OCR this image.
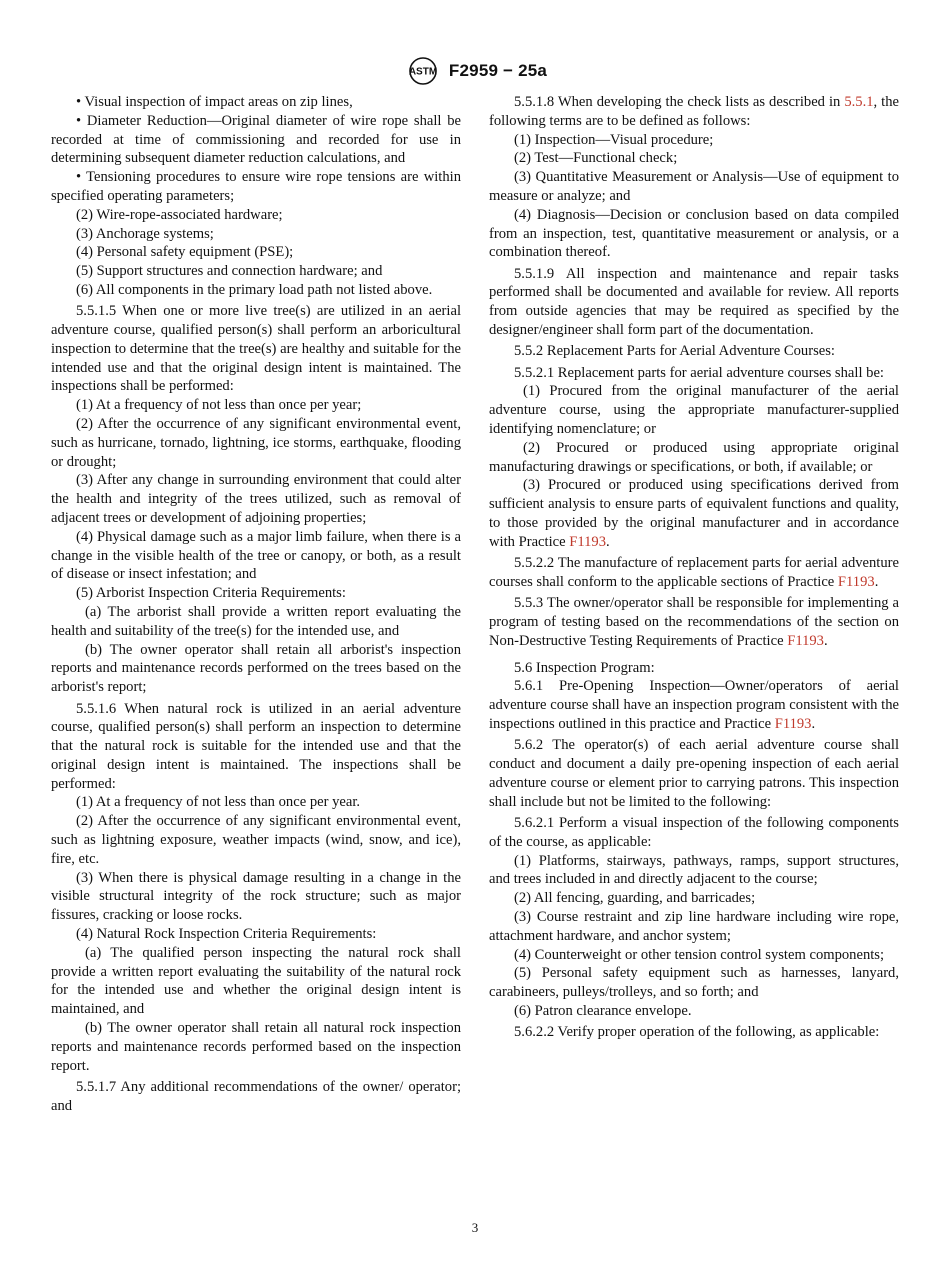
ASTM F2959 − 25a

• Visual inspection of impact areas on zip lines,

• Diameter Reduction—Original diameter of wire rope shall be recorded at time of commissioning and recorded for use in determining subsequent diameter reduction calculations, and

• Tensioning procedures to ensure wire rope tensions are within specified operating parameters;

(2) Wire-rope-associated hardware;

(3) Anchorage systems;

(4) Personal safety equipment (PSE);

(5) Support structures and connection hardware; and

(6) All components in the primary load path not listed above.

5.5.1.5 When one or more live tree(s) are utilized in an aerial adventure course, qualified person(s) shall perform an arboricultural inspection to determine that the tree(s) are healthy and suitable for the intended use and that the original design intent is maintained. The inspections shall be performed:

(1) At a frequency of not less than once per year;

(2) After the occurrence of any significant environmental event, such as hurricane, tornado, lightning, ice storms, earthquake, flooding or drought;

(3) After any change in surrounding environment that could alter the health and integrity of the trees utilized, such as removal of adjacent trees or development of adjoining properties;

(4) Physical damage such as a major limb failure, when there is a change in the visible health of the tree or canopy, or both, as a result of disease or insect infestation; and

(5) Arborist Inspection Criteria Requirements:

(a) The arborist shall provide a written report evaluating the health and suitability of the tree(s) for the intended use, and

(b) The owner operator shall retain all arborist's inspection reports and maintenance records performed on the trees based on the arborist's report;

5.5.1.6 When natural rock is utilized in an aerial adventure course, qualified person(s) shall perform an inspection to determine that the natural rock is suitable for the intended use and that the original design intent is maintained. The inspections shall be performed:

(1) At a frequency of not less than once per year.

(2) After the occurrence of any significant environmental event, such as lightning exposure, weather impacts (wind, snow, and ice), fire, etc.

(3) When there is physical damage resulting in a change in the visible structural integrity of the rock structure; such as major fissures, cracking or loose rocks.

(4) Natural Rock Inspection Criteria Requirements:

(a) The qualified person inspecting the natural rock shall provide a written report evaluating the suitability of the natural rock for the intended use and whether the original design intent is maintained, and

(b) The owner operator shall retain all natural rock inspection reports and maintenance records performed based on the inspection report.

5.5.1.7 Any additional recommendations of the owner/ operator; and

5.5.1.8 When developing the check lists as described in 5.5.1, the following terms are to be defined as follows:

(1) Inspection—Visual procedure;

(2) Test—Functional check;

(3) Quantitative Measurement or Analysis—Use of equipment to measure or analyze; and

(4) Diagnosis—Decision or conclusion based on data compiled from an inspection, test, quantitative measurement or analysis, or a combination thereof.

5.5.1.9 All inspection and maintenance and repair tasks performed shall be documented and available for review. All reports from outside agencies that may be required as specified by the designer/engineer shall form part of the documentation.

5.5.2 Replacement Parts for Aerial Adventure Courses:

5.5.2.1 Replacement parts for aerial adventure courses shall be:

(1) Procured from the original manufacturer of the aerial adventure course, using the appropriate manufacturer-supplied identifying nomenclature; or

(2) Procured or produced using appropriate original manufacturing drawings or specifications, or both, if available; or

(3) Procured or produced using specifications derived from sufficient analysis to ensure parts of equivalent functions and quality, to those provided by the original manufacturer and in accordance with Practice F1193.

5.5.2.2 The manufacture of replacement parts for aerial adventure courses shall conform to the applicable sections of Practice F1193.

5.5.3 The owner/operator shall be responsible for implementing a program of testing based on the recommendations of the section on Non-Destructive Testing Requirements of Practice F1193.

5.6 Inspection Program:

5.6.1 Pre-Opening Inspection—Owner/operators of aerial adventure course shall have an inspection program consistent with the inspections outlined in this practice and Practice F1193.

5.6.2 The operator(s) of each aerial adventure course shall conduct and document a daily pre-opening inspection of each aerial adventure course or element prior to carrying patrons. This inspection shall include but not be limited to the following:

5.6.2.1 Perform a visual inspection of the following components of the course, as applicable:

(1) Platforms, stairways, pathways, ramps, support structures, and trees included in and directly adjacent to the course;

(2) All fencing, guarding, and barricades;

(3) Course restraint and zip line hardware including wire rope, attachment hardware, and anchor system;

(4) Counterweight or other tension control system components;

(5) Personal safety equipment such as harnesses, lanyard, carabineers, pulleys/trolleys, and so forth; and

(6) Patron clearance envelope.

5.6.2.2 Verify proper operation of the following, as applicable:

3
